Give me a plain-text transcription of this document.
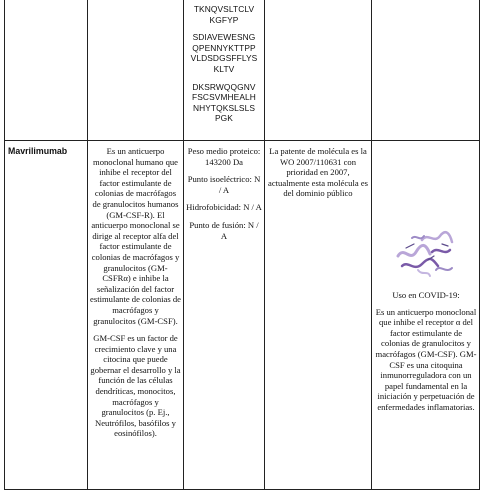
TKNQVSLTCLV KGFYP

SDIAVEWESNG QPENNYKTTPP VLDSDGSFFLYS KLTV

DKSRWQQGNV FSCSVMHEALH NHYTQKSLSLS PGK

Mavrilimumab	Es un anticuerpo monoclonal humano que inhibe el receptor del factor estimulante de colonias de macrófagos de granulocitos humanos (GM-CSF-R). El anticuerpo monoclonal se dirige al receptor alfa del factor estimulante de colonias de macrófagos y granulocitos (GM-CSFRα) e inhibe la señalización del factor estimulante de colonias de macrófagos y granulocitos (GM-CSF).

GM-CSF es un factor de crecimiento clave y una citocina que puede gobernar el desarrollo y la función de las células dendríticas, monocitos, macrófagos y granulocitos (p. Ej., Neutrófilos, basófilos y eosinófilos).

Peso medio proteico: 143200 Da

Punto isoeléctrico: N / A

Hidrofobicidad: N / A

Punto de fusión: N / A

La patente de molécula es la WO 2007/110631 con prioridad en 2007, actualmente esta molécula es del dominio público

Uso en COVID-19:

Es un anticuerpo monoclonal que inhibe el receptor α del factor estimulante de colonias de granulocitos y macrófagos (GM-CSF). GM-CSF es una citoquina inmunorreguladora con un papel fundamental en la iniciación y perpetuación de enfermedades inflamatorias.
